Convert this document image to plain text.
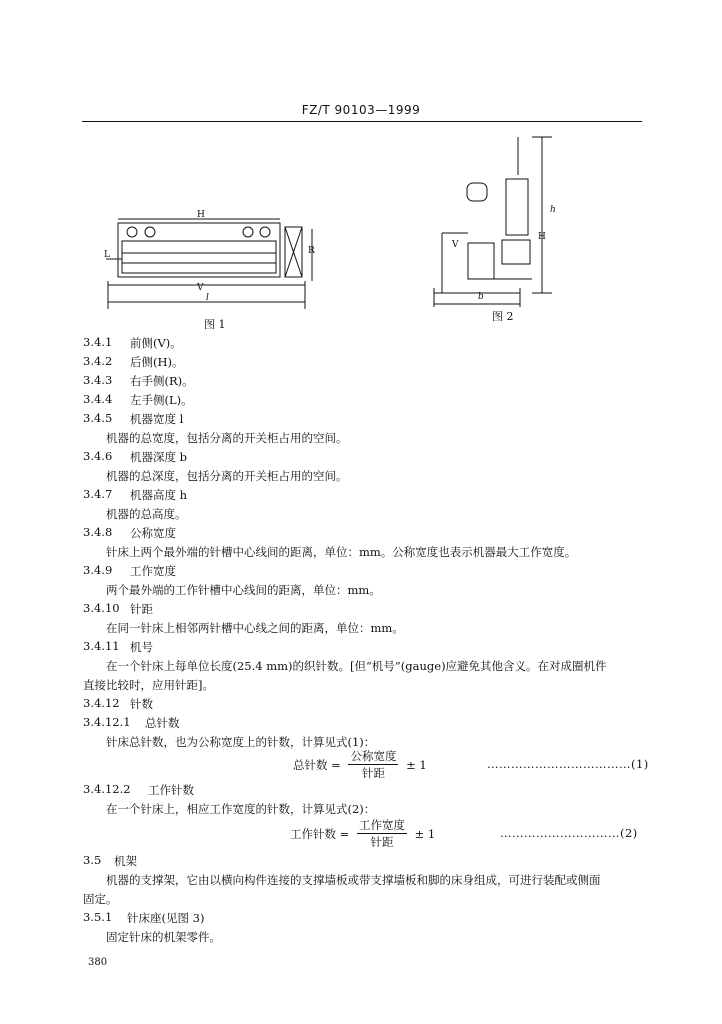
FZ/T 90103—1999
H
R
L
V
l
图 1
h
H
V
b
图 2
3.4.1 前侧(V)。
3.4.2 后侧(H)。
3.4.3 右手侧(R)。
3.4.4 左手侧(L)。
3.4.5 机器宽度 l
机器的总宽度，包括分离的开关柜占用的空间。
3.4.6 机器深度 b
机器的总深度，包括分离的开关柜占用的空间。
3.4.7 机器高度 h
机器的总高度。
3.4.8 公称宽度
针床上两个最外端的针槽中心线间的距离，单位：mm。公称宽度也表示机器最大工作宽度。
3.4.9 工作宽度
两个最外端的工作针槽中心线间的距离，单位：mm。
3.4.10 针距
在同一针床上相邻两针槽中心线之间的距离，单位：mm。
3.4.11 机号
在一个针床上每单位长度(25.4 mm)的织针数。[但“机号”(gauge)应避免其他含义。在对成圈机件
直接比较时，应用针距]。
3.4.12 针数
3.4.12.1 总针数
针床总针数，也为公称宽度上的针数，计算见式(1)：
总针数 = $\frac{\text{公称宽度}}{\text{针距}} \pm 1$	………………………………(1)
3.4.12.2 工作针数
在一个针床上，相应工作宽度的针数，计算见式(2)：
工作针数 = $\frac{\text{工作宽度}}{\text{针距}} \pm 1$	…………………………(2)
3.5 机架
机器的支撑架，它由以横向构件连接的支撑墙板或带支撑墙板和脚的床身组成，可进行装配或侧面
固定。
3.5.1 针床座(见图 3)
固定针床的机架零件。
380
